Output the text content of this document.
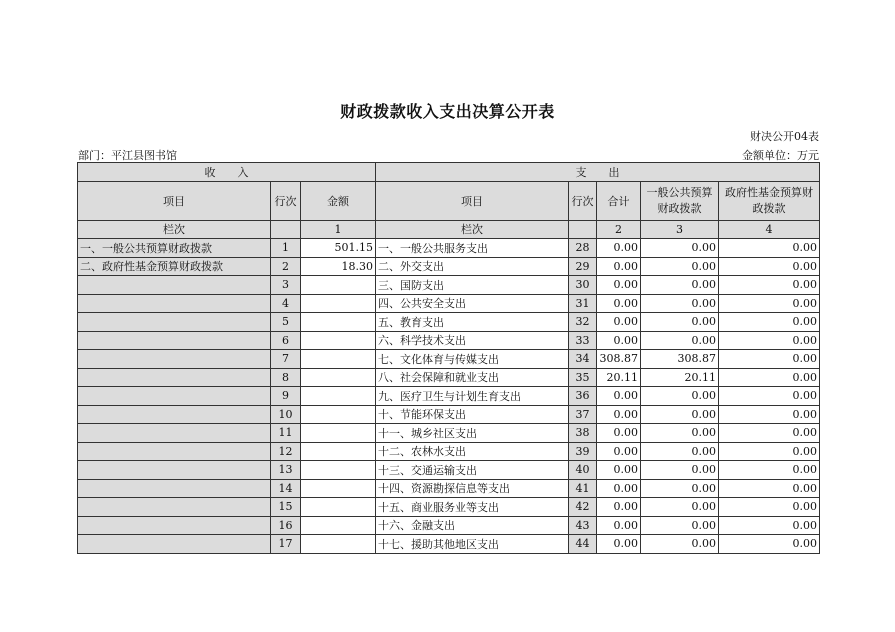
财政拨款收入支出决算公开表
财决公开04表
部门：平江县图书馆	金额单位：万元
收　　入			支　　出				
项目	行次	金额	项目	行次	合计	一般公共预算财政拨款	政府性基金预算财政拨款
栏次		1	栏次		2	3	4
一、一般公共预算财政拨款	1	501.15	一、一般公共服务支出	28	0.00	0.00	0.00
二、政府性基金预算财政拨款	2	18.30	二、外交支出	29	0.00	0.00	0.00
	3		三、国防支出	30	0.00	0.00	0.00
	4		四、公共安全支出	31	0.00	0.00	0.00
	5		五、教育支出	32	0.00	0.00	0.00
	6		六、科学技术支出	33	0.00	0.00	0.00
	7		七、文化体育与传媒支出	34	308.87	308.87	0.00
	8		八、社会保障和就业支出	35	20.11	20.11	0.00
	9		九、医疗卫生与计划生育支出	36	0.00	0.00	0.00
	10		十、节能环保支出	37	0.00	0.00	0.00
	11		十一、城乡社区支出	38	0.00	0.00	0.00
	12		十二、农林水支出	39	0.00	0.00	0.00
	13		十三、交通运输支出	40	0.00	0.00	0.00
	14		十四、资源勘探信息等支出	41	0.00	0.00	0.00
	15		十五、商业服务业等支出	42	0.00	0.00	0.00
	16		十六、金融支出	43	0.00	0.00	0.00
	17		十七、援助其他地区支出	44	0.00	0.00	0.00
